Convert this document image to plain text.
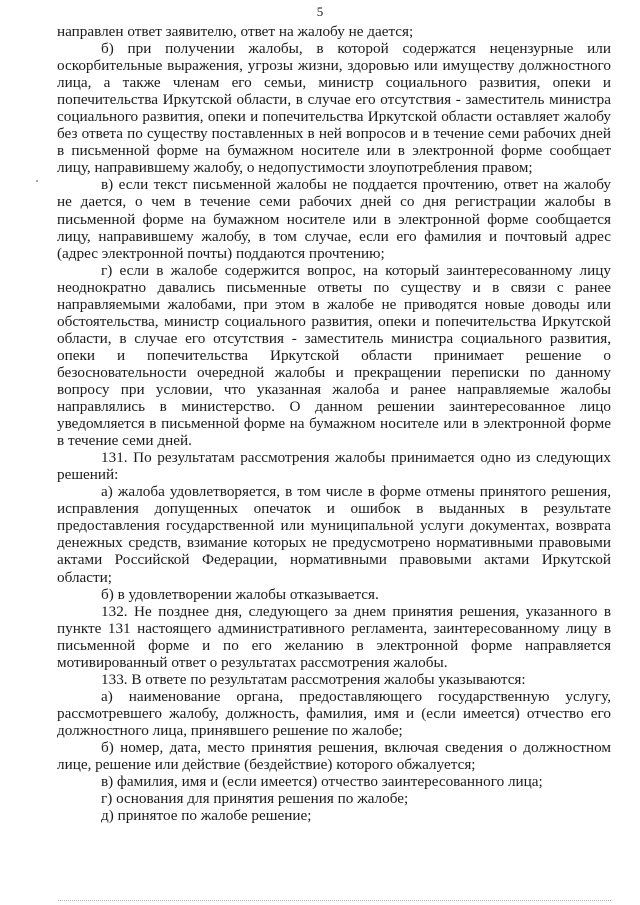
5

направлен ответ заявителю, ответ на жалобу не дается;

б) при получении жалобы, в которой содержатся нецензурные или оскорбительные выражения, угрозы жизни, здоровью или имуществу должностного лица, а также членам его семьи, министр социального развития, опеки и попечительства Иркутской области, в случае его отсутствия - заместитель министра социального развития, опеки и попечительства Иркутской области оставляет жалобу без ответа по существу поставленных в ней вопросов и в течение семи рабочих дней в письменной форме на бумажном носителе или в электронной форме сообщает лицу, направившему жалобу, о недопустимости злоупотребления правом;

в) если текст письменной жалобы не поддается прочтению, ответ на жалобу не дается, о чем в течение семи рабочих дней со дня регистрации жалобы в письменной форме на бумажном носителе или в электронной форме сообщается лицу, направившему жалобу, в том случае, если его фамилия и почтовый адрес (адрес электронной почты) поддаются прочтению;

г) если в жалобе содержится вопрос, на который заинтересованному лицу неоднократно давались письменные ответы по существу и в связи с ранее направляемыми жалобами, при этом в жалобе не приводятся новые доводы или обстоятельства, министр социального развития, опеки и попечительства Иркутской области, в случае его отсутствия - заместитель министра социального развития, опеки и попечительства Иркутской области принимает решение о безосновательности очередной жалобы и прекращении переписки по данному вопросу при условии, что указанная жалоба и ранее направляемые жалобы направлялись в министерство. О данном решении заинтересованное лицо уведомляется в письменной форме на бумажном носителе или в электронной форме в течение семи дней.

131. По результатам рассмотрения жалобы принимается одно из следующих решений:

а) жалоба удовлетворяется, в том числе в форме отмены принятого решения, исправления допущенных опечаток и ошибок в выданных в результате предоставления государственной или муниципальной услуги документах, возврата денежных средств, взимание которых не предусмотрено нормативными правовыми актами Российской Федерации, нормативными правовыми актами Иркутской области;

б) в удовлетворении жалобы отказывается.

132. Не позднее дня, следующего за днем принятия решения, указанного в пункте 131 настоящего административного регламента, заинтересованному лицу в письменной форме и по его желанию в электронной форме направляется мотивированный ответ о результатах рассмотрения жалобы.

133. В ответе по результатам рассмотрения жалобы указываются:

а) наименование органа, предоставляющего государственную услугу, рассмотревшего жалобу, должность, фамилия, имя и (если имеется) отчество его должностного лица, принявшего решение по жалобе;

б) номер, дата, место принятия решения, включая сведения о должностном лице, решение или действие (бездействие) которого обжалуется;

в) фамилия, имя и (если имеется) отчество заинтересованного лица;

г) основания для принятия решения по жалобе;

д) принятое по жалобе решение;
